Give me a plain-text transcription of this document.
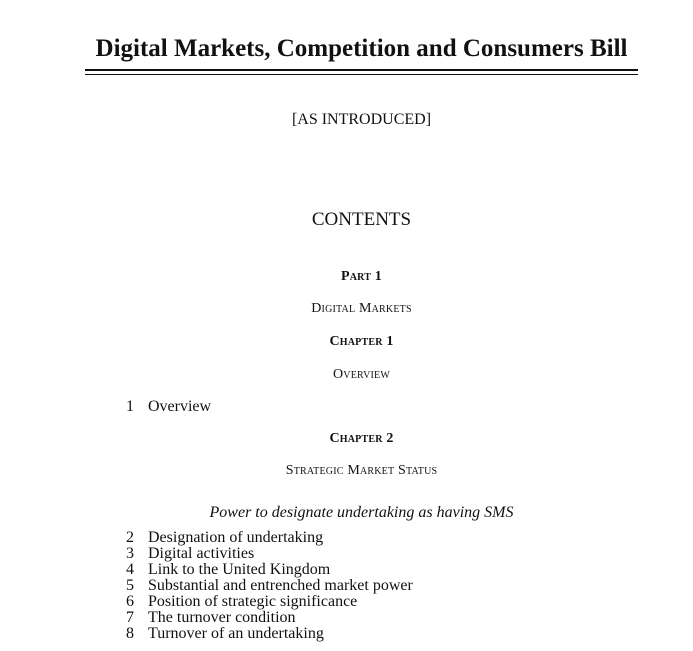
Digital Markets, Competition and Consumers Bill
[AS INTRODUCED]
CONTENTS
Part 1
Digital Markets
Chapter 1
Overview
1 Overview
Chapter 2
Strategic Market Status
Power to designate undertaking as having SMS
2 Designation of undertaking
3 Digital activities
4 Link to the United Kingdom
5 Substantial and entrenched market power
6 Position of strategic significance
7 The turnover condition
8 Turnover of an undertaking
